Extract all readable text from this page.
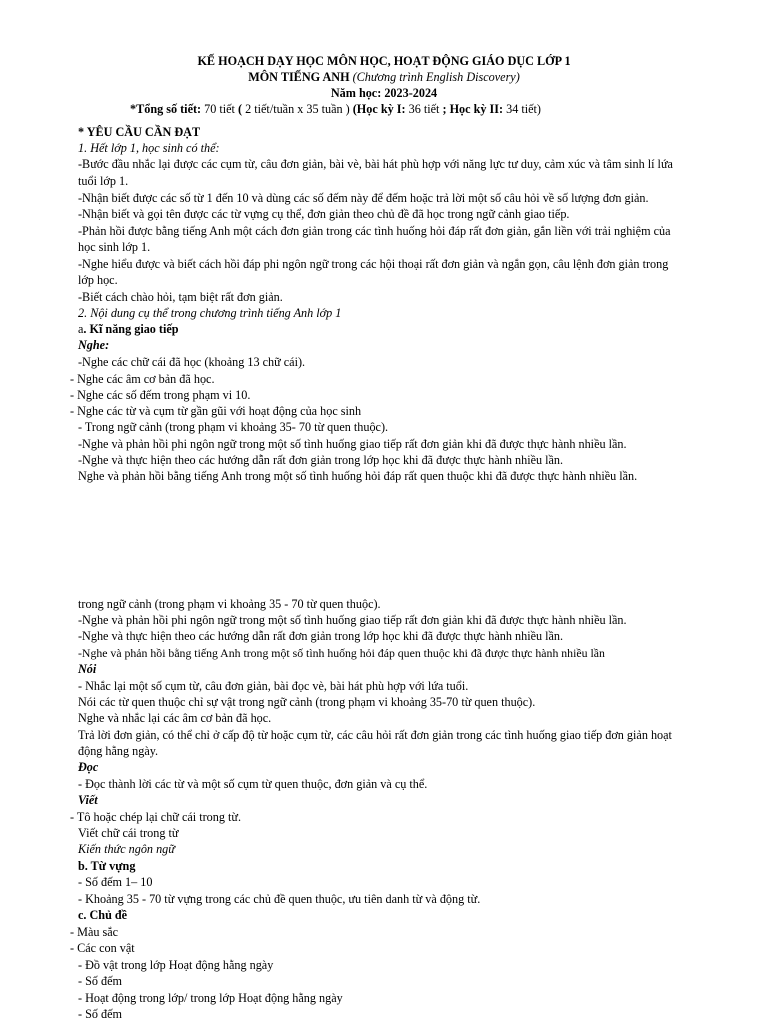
KẾ HOẠCH DẠY HỌC MÔN HỌC, HOẠT ĐỘNG GIÁO DỤC LỚP 1
MÔN TIẾNG ANH (Chương trình English Discovery)
Năm học: 2023-2024
*Tổng số tiết: 70 tiết ( 2 tiết/tuần x 35 tuần ) (Học kỳ I: 36 tiết ; Học kỳ II: 34 tiết)
* YÊU CẦU CẦN ĐẠT
1. Hết lớp 1, học sinh có thể:
-Bước đầu nhắc lại được các cụm từ, câu đơn giản, bài vè, bài hát phù hợp với năng lực tư duy, cảm xúc và tâm sinh lí lứa
tuổi lớp 1.
-Nhận biết được các số từ 1 đến 10 và dùng các số đếm này để đếm hoặc trả lời một số câu hỏi về số lượng đơn giản.
-Nhận biết và gọi tên được các từ vựng cụ thể, đơn giản theo chủ đề đã học trong ngữ cảnh giao tiếp.
-Phản hồi được bằng tiếng Anh một cách đơn giản trong các tình huống hỏi đáp rất đơn giản, gắn liền với trải nghiệm của
học sinh lớp 1.
-Nghe hiểu được và biết cách hồi đáp phi ngôn ngữ trong các hội thoại rất đơn giản và ngắn gọn, câu lệnh đơn giản trong
lớp học.
-Biết cách chào hỏi, tạm biệt rất đơn giản.
2. Nội dung cụ thể trong chương trình tiếng Anh lớp 1
a. Kĩ năng giao tiếp
Nghe:
-Nghe các chữ cái đã học (khoảng 13 chữ cái).
- Nghe các âm cơ bản đã học.
- Nghe các số đếm trong phạm vi 10.
- Nghe các từ và cụm từ gần gũi với hoạt động của học sinh
- Trong ngữ cảnh (trong phạm vi khoảng 35- 70 từ quen thuộc).
-Nghe và phản hồi phi ngôn ngữ trong một số tình huống giao tiếp rất đơn giản khi đã được thực hành nhiều lần.
-Nghe và thực hiện theo các hướng dẫn rất đơn giản trong lớp học khi đã được thực hành nhiều lần.
Nghe và phản hồi bằng tiếng Anh trong một số tình huống hỏi đáp rất quen thuộc khi đã được thực hành nhiều lần.
trong ngữ cảnh (trong phạm vi khoảng 35 - 70 từ quen thuộc).
-Nghe và phản hồi phi ngôn ngữ trong một số tình huống giao tiếp rất đơn giản khi đã được thực hành nhiều lần.
-Nghe và thực hiện theo các hướng dẫn rất đơn giản trong lớp học khi đã được thực hành nhiều lần.
-Nghe và phản hồi bằng tiếng Anh trong một số tình huống hỏi đáp quen thuộc khi đã được thực hành nhiều lần
Nói
- Nhắc lại một số cụm từ, câu đơn giản, bài đọc vè, bài hát phù hợp với lứa tuổi.
Nói các từ quen thuộc chỉ sự vật trong ngữ cảnh (trong phạm vi khoảng 35-70 từ quen thuộc).
Nghe và nhắc lại các âm cơ bản đã học.
Trả lời đơn giản, có thể chỉ ở cấp độ từ hoặc cụm từ, các câu hỏi rất đơn giản trong các tình huống giao tiếp đơn giản hoạt
động hằng ngày.
Đọc
- Đọc thành lời các từ và một số cụm từ quen thuộc, đơn giản và cụ thể.
Viết
- Tô hoặc chép lại chữ cái trong từ.
Viết chữ cái trong từ
Kiến thức ngôn ngữ
b. Từ vựng
- Số đếm 1– 10
- Khoảng 35 - 70 từ vựng trong các chủ đề quen thuộc, ưu tiên danh từ và động từ.
c. Chủ đề
- Màu sắc
- Các con vật
- Đồ vật trong lớp Hoạt động hằng ngày
- Số đếm
- Hoạt động trong lớp/ trong lớp Hoạt động hằng ngày
- Số đếm
